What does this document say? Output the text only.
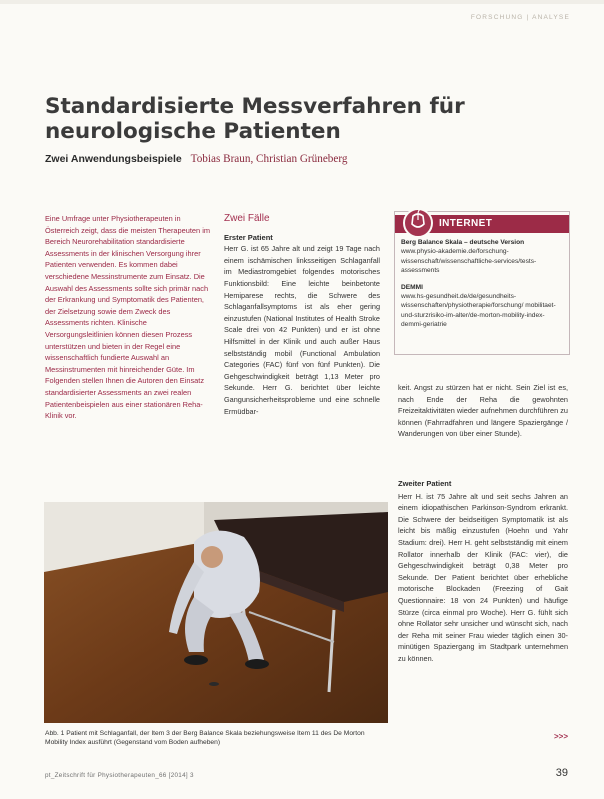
FORSCHUNG | ANALYSE
Standardisierte Messverfahren für neurologische Patienten
Zwei Anwendungsbeispiele Tobias Braun, Christian Grüneberg
Eine Umfrage unter Physiotherapeuten in Österreich zeigt, dass die meisten Therapeuten im Bereich Neurorehabilitation standardisierte Assessments in der klinischen Versorgung ihrer Patienten verwenden. Es kommen dabei verschiedene Messinstrumente zum Einsatz. Die Auswahl des Assessments sollte sich primär nach der Erkrankung und Symptomatik des Patienten, der Zielsetzung sowie dem Zweck des Assessments richten. Klinische Versorgungsleitlinien können diesen Prozess unterstützen und bieten in der Regel eine wissenschaftlich fundierte Auswahl an Messinstrumenten mit hinreichender Güte. Im Folgenden stellen Ihnen die Autoren den Einsatz standardisierter Assessments an zwei realen Patientenbeispielen aus einer stationären Reha-Klinik vor.
Zwei Fälle
Erster Patient

Herr G. ist 65 Jahre alt und zeigt 19 Tage nach einem ischämischen linksseitigen Schlaganfall im Mediastromgebiet folgendes motorisches Funktionsbild: Eine leichte beinbetonte Hemiparese rechts, die Schwere des Schlaganfallsymptoms ist als eher gering einzustufen (National Institutes of Health Stroke Scale drei von 42 Punkten) und er ist ohne Hilfsmittel in der Klinik und auch außer Haus selbstständig mobil (Functional Ambulation Categories (FAC) fünf von fünf Punkten). Die Gehgeschwindigkeit beträgt 1,13 Meter pro Sekunde. Herr G. berichtet über leichte Gangunsicherheitsprobleme und eine schnelle Ermüdbar-

INTERNET

Berg Balance Skala – deutsche Version
www.physio-akademie.de/forschung-wissenschaft/wissenschaftliche-services/tests-assessments

DEMMI
www.hs-gesundheit.de/de/gesundheits-wissenschaften/physiotherapie/forschung/ mobilitaet-und-sturzrisiko-im-alter/de-morton-mobility-index-demmi-geriatrie

keit. Angst zu stürzen hat er nicht. Sein Ziel ist es, nach Ende der Reha die gewohnten Freizeitaktivitäten wieder aufnehmen durchführen zu können (Fahrradfahren und längere Spaziergänge / Wanderungen von über einer Stunde).

Zweiter Patient

Herr H. ist 75 Jahre alt und seit sechs Jahren an einem idiopathischen Parkinson-Syndrom erkrankt. Die Schwere der beidseitigen Symptomatik ist als leicht bis mäßig einzustufen (Hoehn und Yahr Stadium: drei). Herr H. geht selbstständig mit einem Rollator innerhalb der Klinik (FAC: vier), die Gehgeschwindigkeit beträgt 0,38 Meter pro Sekunde. Der Patient berichtet über erhebliche motorische Blockaden (Freezing of Gait Questionnaire: 18 von 24 Punkten) und häufige Stürze (circa einmal pro Woche). Herr G. fühlt sich ohne Rollator sehr unsicher und wünscht sich, nach der Reha mit seiner Frau wieder täglich einen 30-minütigen Spaziergang im Stadtpark unternehmen zu können.

Abb. 1 Patient mit Schlaganfall, der Item 3 der Berg Balance Skala beziehungsweise Item 11 des De Morton Mobility Index ausführt (Gegenstand vom Boden aufheben)
>>>
pt_Zeitschrift für Physiotherapeuten_66 [2014] 3	39
